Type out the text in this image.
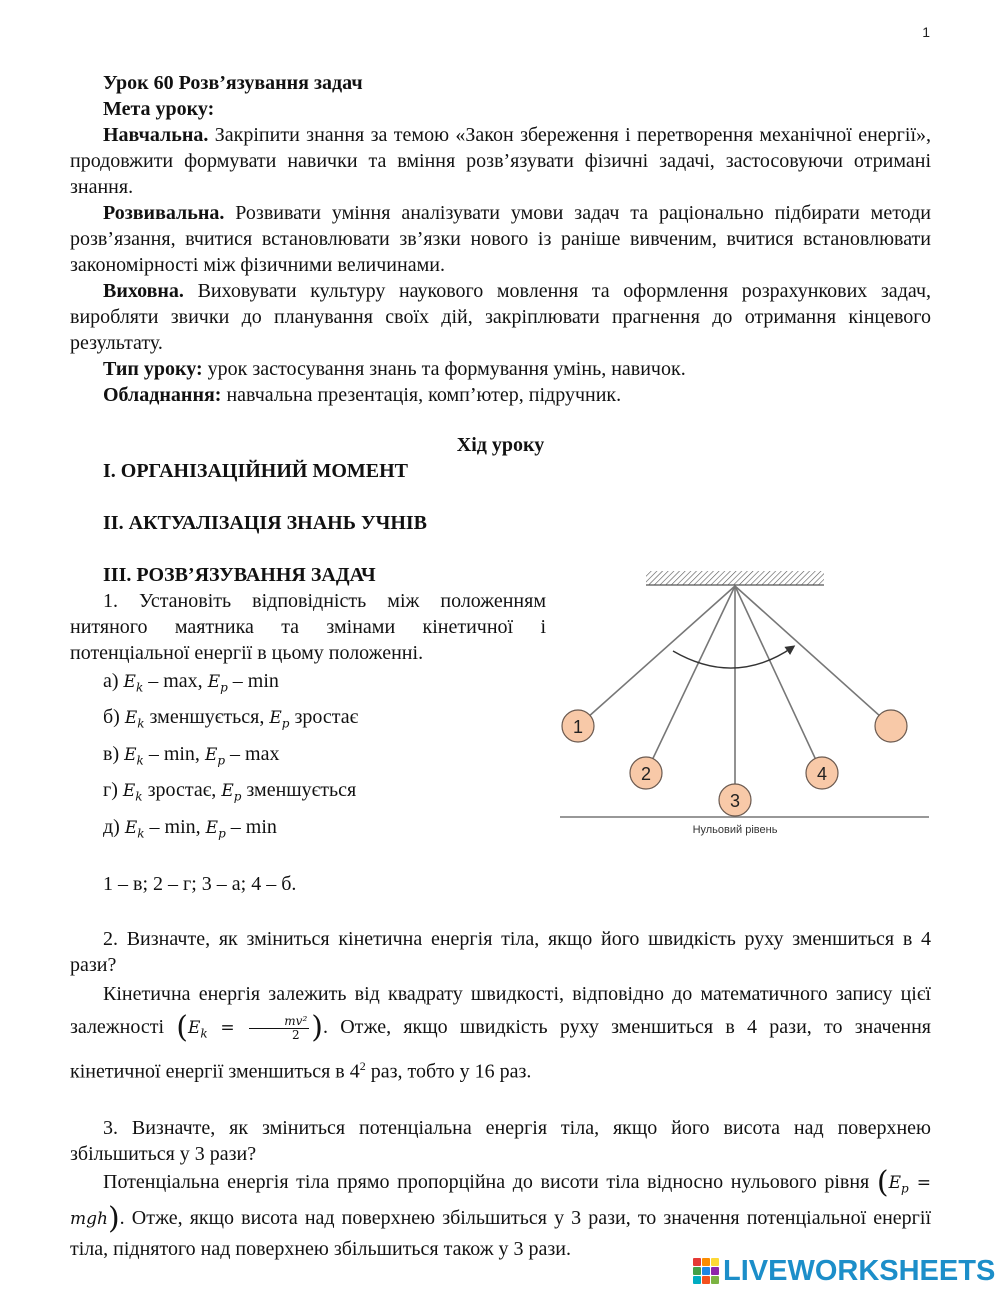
1

Урок 60 Розв’язування задач

Мета уроку:

Навчальна. Закріпити знання за темою «Закон збереження і перетворення механічної енергії», продовжити формувати навички та вміння розв’язувати фізичні задачі, застосовуючи отримані знання.

Розвивальна. Розвивати уміння аналізувати умови задач та раціонально підбирати методи розв’язання, вчитися встановлювати зв’язки нового із раніше вивченим, вчитися встановлювати закономірності між фізичними величинами.

Виховна. Виховувати культуру наукового мовлення та оформлення розрахункових задач, виробляти звички до планування своїх дій, закріплювати прагнення до отримання кінцевого результату.

Тип уроку: урок застосування знань та формування умінь, навичок.

Обладнання: навчальна презентація, комп’ютер, підручник.

Хід уроку

I. ОРГАНІЗАЦІЙНИЙ МОМЕНТ

II. АКТУАЛІЗАЦІЯ ЗНАНЬ УЧНІВ

III. РОЗВ’ЯЗУВАННЯ ЗАДАЧ

1. Установіть відповідність між положенням нитяного маятника та змінами кінетичної і потенціальної енергії в цьому положенні.

а) $E_k$ – max, $E_p$ – min
б) $E_k$ зменшується, $E_p$ зростає
в) $E_k$ – min, $E_p$ – max
г) $E_k$ зростає, $E_p$ зменшується
д) $E_k$ – min, $E_p$ – min

1 – в; 2 – г; 3 – а; 4 – б.

2. Визначте, як зміниться кінетична енергія тіла, якщо його швидкість руху зменшиться в 4 рази?

Кінетична енергія залежить від квадрату швидкості, відповідно до математичного запису цієї залежності ($E_k = \frac{\text{mv²}}{2}$ ). Отже, якщо швидкість руху зменшиться в 4 рази, то значення кінетичної енергії зменшиться в $4^2$ раз, тобто у 16 раз.

3. Визначте, як зміниться потенціальна енергія тіла, якщо його висота над поверхнею збільшиться у 3 рази?

Потенціальна енергія тіла прямо пропорційна до висоти тіла відносно нульового рівня $(E_p = mgh)$. Отже, якщо висота над поверхнею збільшиться у 3 рази, то значення потенціальної енергії тіла, піднятого над поверхнею збільшиться також у 3 рази.

1
2
3
4
Нульовий рівень
LIVEWORKSHEETS
